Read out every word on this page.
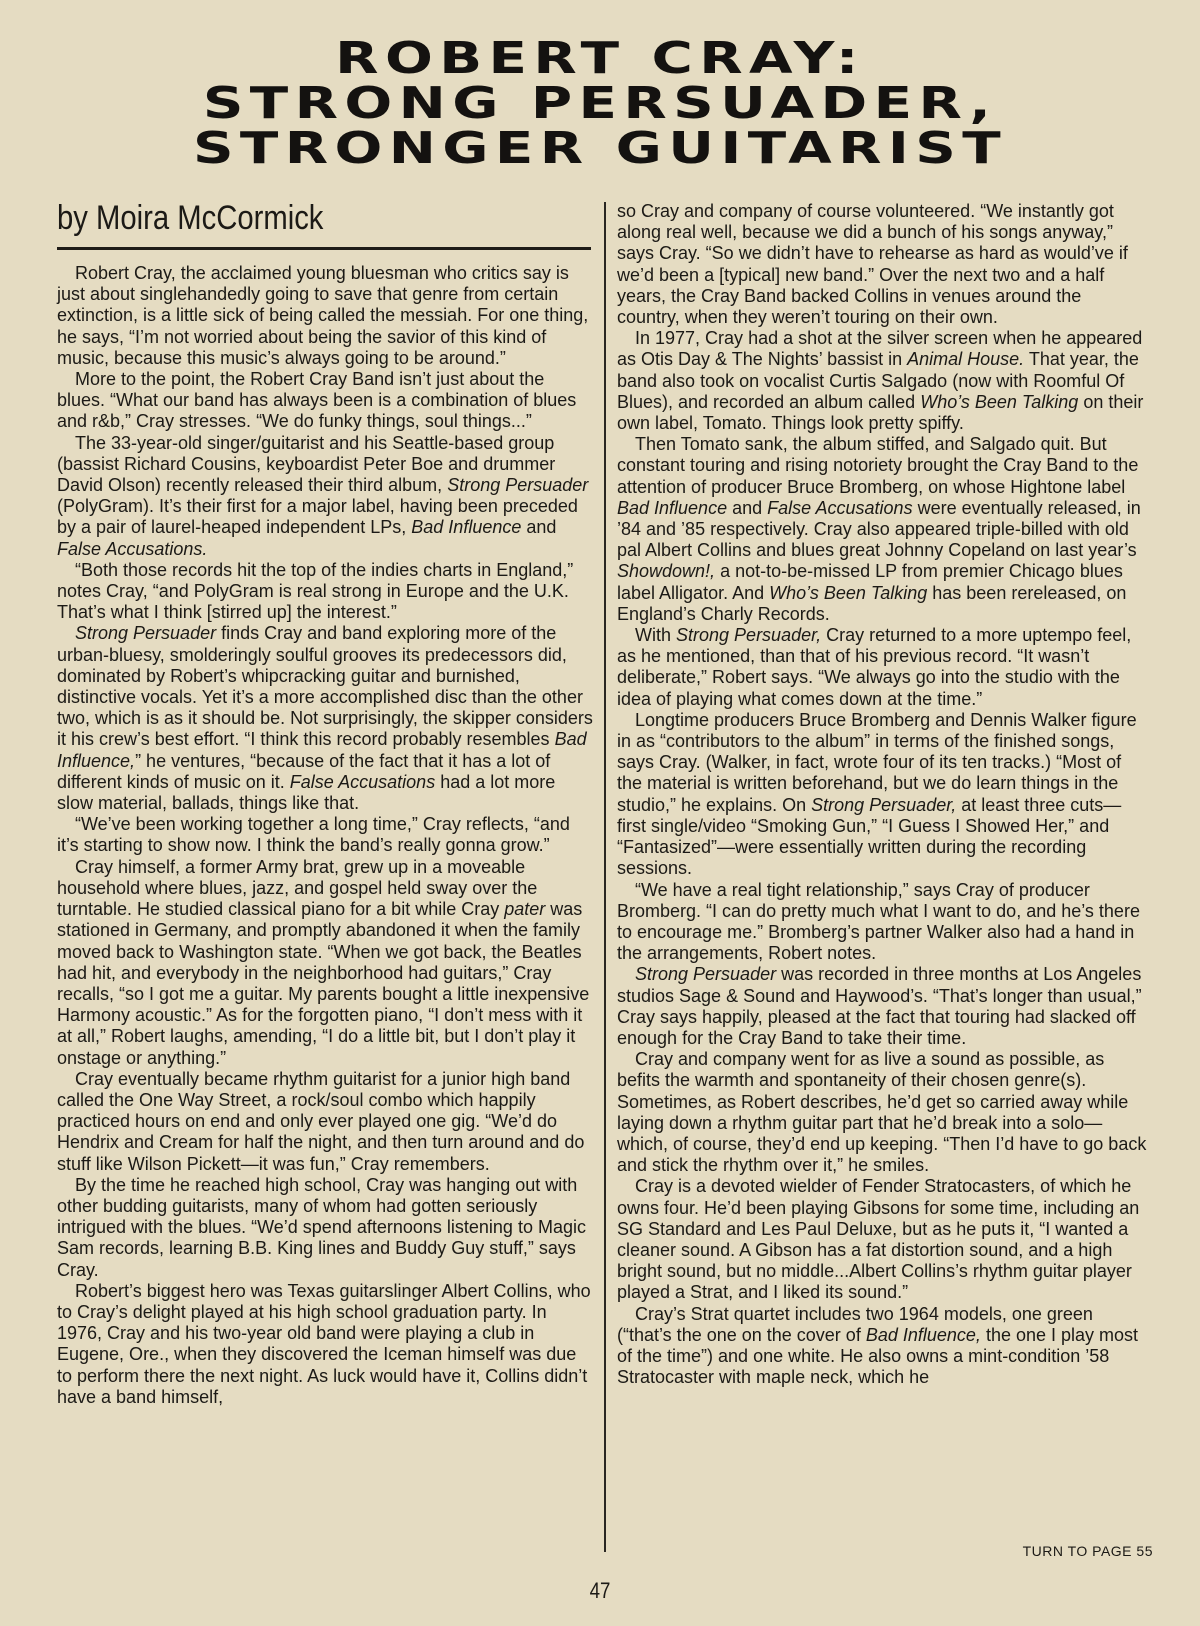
ROBERT CRAY:
STRONG PERSUADER,
STRONGER GUITARIST
by Moira McCormick

Robert Cray, the acclaimed young bluesman who critics say is just about singlehandedly going to save that genre from certain extinction, is a little sick of being called the messiah. For one thing, he says, “I’m not worried about being the savior of this kind of music, because this music’s always going to be around.”

More to the point, the Robert Cray Band isn’t just about the blues. “What our band has always been is a combination of blues and r&b,” Cray stresses. “We do funky things, soul things...”

The 33-year-old singer/guitarist and his Seattle-based group (bassist Richard Cousins, keyboardist Peter Boe and drummer David Olson) recently released their third album, Strong Persuader (PolyGram). It’s their first for a major label, having been preceded by a pair of laurel-heaped independent LPs, Bad Influence and False Accusations.

“Both those records hit the top of the indies charts in England,” notes Cray, “and PolyGram is real strong in Europe and the U.K. That’s what I think [stirred up] the interest.”

Strong Persuader finds Cray and band exploring more of the urban-bluesy, smolderingly soulful grooves its predecessors did, dominated by Robert’s whipcracking guitar and burnished, distinctive vocals. Yet it’s a more accomplished disc than the other two, which is as it should be. Not surprisingly, the skipper considers it his crew’s best effort. “I think this record probably resembles Bad Influence,” he ventures, “because of the fact that it has a lot of different kinds of music on it. False Accusations had a lot more slow material, ballads, things like that.

“We’ve been working together a long time,” Cray reflects, “and it’s starting to show now. I think the band’s really gonna grow.”

Cray himself, a former Army brat, grew up in a moveable household where blues, jazz, and gospel held sway over the turntable. He studied classical piano for a bit while Cray pater was stationed in Germany, and promptly abandoned it when the family moved back to Washington state. “When we got back, the Beatles had hit, and everybody in the neighborhood had guitars,” Cray recalls, “so I got me a guitar. My parents bought a little inexpensive Harmony acoustic.” As for the forgotten piano, “I don’t mess with it at all,” Robert laughs, amending, “I do a little bit, but I don’t play it onstage or anything.”

Cray eventually became rhythm guitarist for a junior high band called the One Way Street, a rock/soul combo which happily practiced hours on end and only ever played one gig. “We’d do Hendrix and Cream for half the night, and then turn around and do stuff like Wilson Pickett—it was fun,” Cray remembers.

By the time he reached high school, Cray was hanging out with other budding guitarists, many of whom had gotten seriously intrigued with the blues. “We’d spend afternoons listening to Magic Sam records, learning B.B. King lines and Buddy Guy stuff,” says Cray.

Robert’s biggest hero was Texas guitarslinger Albert Collins, who to Cray’s delight played at his high school graduation party. In 1976, Cray and his two-year old band were playing a club in Eugene, Ore., when they discovered the Iceman himself was due to perform there the next night. As luck would have it, Collins didn’t have a band himself,

so Cray and company of course volunteered. “We instantly got along real well, because we did a bunch of his songs anyway,” says Cray. “So we didn’t have to rehearse as hard as would’ve if we’d been a [typical] new band.” Over the next two and a half years, the Cray Band backed Collins in venues around the country, when they weren’t touring on their own.

In 1977, Cray had a shot at the silver screen when he appeared as Otis Day & The Nights’ bassist in Animal House. That year, the band also took on vocalist Curtis Salgado (now with Roomful Of Blues), and recorded an album called Who’s Been Talking on their own label, Tomato. Things look pretty spiffy.

Then Tomato sank, the album stiffed, and Salgado quit. But constant touring and rising notoriety brought the Cray Band to the attention of producer Bruce Bromberg, on whose Hightone label Bad Influence and False Accusations were eventually released, in ’84 and ’85 respectively. Cray also appeared triple-billed with old pal Albert Collins and blues great Johnny Copeland on last year’s Showdown!, a not-to-be-missed LP from premier Chicago blues label Alligator. And Who’s Been Talking has been rereleased, on England’s Charly Records.

With Strong Persuader, Cray returned to a more uptempo feel, as he mentioned, than that of his previous record. “It wasn’t deliberate,” Robert says. “We always go into the studio with the idea of playing what comes down at the time.”

Longtime producers Bruce Bromberg and Dennis Walker figure in as “contributors to the album” in terms of the finished songs, says Cray. (Walker, in fact, wrote four of its ten tracks.) “Most of the material is written beforehand, but we do learn things in the studio,” he explains. On Strong Persuader, at least three cuts—first single/video “Smoking Gun,” “I Guess I Showed Her,” and “Fantasized”—were essentially written during the recording sessions.

“We have a real tight relationship,” says Cray of producer Bromberg. “I can do pretty much what I want to do, and he’s there to encourage me.” Bromberg’s partner Walker also had a hand in the arrangements, Robert notes.

Strong Persuader was recorded in three months at Los Angeles studios Sage & Sound and Haywood’s. “That’s longer than usual,” Cray says happily, pleased at the fact that touring had slacked off enough for the Cray Band to take their time.

Cray and company went for as live a sound as possible, as befits the warmth and spontaneity of their chosen genre(s). Sometimes, as Robert describes, he’d get so carried away while laying down a rhythm guitar part that he’d break into a solo—which, of course, they’d end up keeping. “Then I’d have to go back and stick the rhythm over it,” he smiles.

Cray is a devoted wielder of Fender Stratocasters, of which he owns four. He’d been playing Gibsons for some time, including an SG Standard and Les Paul Deluxe, but as he puts it, “I wanted a cleaner sound. A Gibson has a fat distortion sound, and a high bright sound, but no middle...Albert Collins’s rhythm guitar player played a Strat, and I liked its sound.”

Cray’s Strat quartet includes two 1964 models, one green (“that’s the one on the cover of Bad Influence, the one I play most of the time”) and one white. He also owns a mint-condition ’58 Stratocaster with maple neck, which he

TURN TO PAGE 55
47
